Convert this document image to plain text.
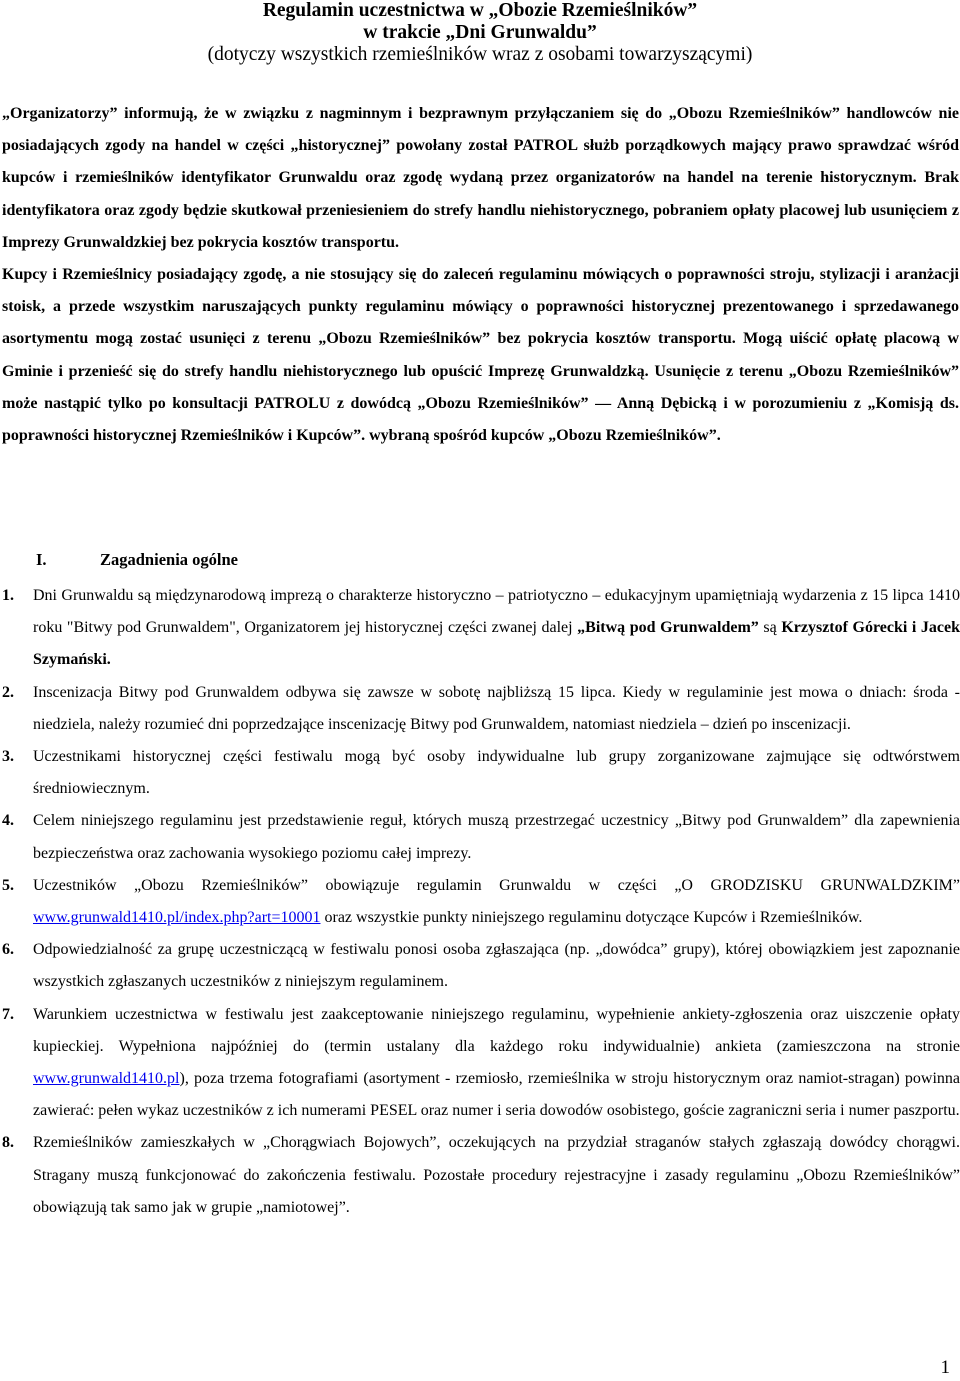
Regulamin uczestnictwa w „Obozie Rzemieślników”
w trakcie „Dni Grunwaldu”
(dotyczy wszystkich rzemieślników wraz z osobami towarzyszącymi)
„Organizatorzy” informują, że w związku z nagminnym i bezprawnym przyłączaniem się do „Obozu Rzemieślników” handlowców nie posiadających zgody na handel w części „historycznej” powołany został PATROL służb porządkowych mający prawo sprawdzać wśród kupców i rzemieślników identyfikator Grunwaldu oraz zgodę wydaną przez organizatorów na handel na terenie historycznym. Brak identyfikatora oraz zgody będzie skutkował przeniesieniem do strefy handlu niehistorycznego, pobraniem opłaty placowej lub usunięciem z Imprezy Grunwaldzkiej bez pokrycia kosztów transportu.
Kupcy i Rzemieślnicy posiadający zgodę, a nie stosujący się do zaleceń regulaminu mówiących o poprawności stroju, stylizacji i aranżacji stoisk, a przede wszystkim naruszających punkty regulaminu mówiący o poprawności historycznej prezentowanego i sprzedawanego asortymentu mogą zostać usunięci z terenu „Obozu Rzemieślników” bez pokrycia kosztów transportu. Mogą uiścić opłatę placową w Gminie i przenieść się do strefy handlu niehistorycznego lub opuścić Imprezę Grunwaldzką. Usunięcie z terenu „Obozu Rzemieślników” może nastąpić tylko po konsultacji PATROLU z dowódcą „Obozu Rzemieślników” — Anną Dębicką i w porozumieniu z „Komisją ds. poprawności historycznej Rzemieślników i Kupców”. wybraną spośród kupców „Obozu Rzemieślników”.
I.	Zagadnienia ogólne
1. Dni Grunwaldu są międzynarodową imprezą o charakterze historyczno – patriotyczno – edukacyjnym upamiętniają wydarzenia z 15 lipca 1410 roku "Bitwy pod Grunwaldem", Organizatorem jej historycznej części zwanej dalej „Bitwą pod Grunwaldem” są Krzysztof Górecki i Jacek Szymański.
2. Inscenizacja Bitwy pod Grunwaldem odbywa się zawsze w sobotę najbliższą 15 lipca. Kiedy w regulaminie jest mowa o dniach: środa - niedziela, należy rozumieć dni poprzedzające inscenizację Bitwy pod Grunwaldem, natomiast niedziela – dzień po inscenizacji.
3. Uczestnikami historycznej części festiwalu mogą być osoby indywidualne lub grupy zorganizowane zajmujące się odtwórstwem średniowiecznym.
4. Celem niniejszego regulaminu jest przedstawienie reguł, których muszą przestrzegać uczestnicy „Bitwy pod Grunwaldem” dla zapewnienia bezpieczeństwa oraz zachowania wysokiego poziomu całej imprezy.
5. Uczestników „Obozu Rzemieślników” obowiązuje regulamin Grunwaldu w części „O GRODZISKU GRUNWALDZKIM” www.grunwald1410.pl/index.php?art=10001 oraz wszystkie punkty niniejszego regulaminu dotyczące Kupców i Rzemieślników.
6. Odpowiedzialność za grupę uczestniczącą w festiwalu ponosi osoba zgłaszająca (np. „dowódca” grupy), której obowiązkiem jest zapoznanie wszystkich zgłaszanych uczestników z niniejszym regulaminem.
7. Warunkiem uczestnictwa w festiwalu jest zaakceptowanie niniejszego regulaminu, wypełnienie ankiety-zgłoszenia oraz uiszczenie opłaty kupieckiej. Wypełniona najpóźniej do (termin ustalany dla każdego roku indywidualnie) ankieta (zamieszczona na stronie www.grunwald1410.pl), poza trzema fotografiami (asortyment - rzemiosło, rzemieślnika w stroju historycznym oraz namiot-stragan) powinna zawierać: pełen wykaz uczestników z ich numerami PESEL oraz numer i seria dowodów osobistego, goście zagraniczni seria i numer paszportu.
8. Rzemieślników zamieszkałych w „Chorągwiach Bojowych”, oczekujących na przydział straganów stałych zgłaszają dowódcy chorągwi. Stragany muszą funkcjonować do zakończenia festiwalu. Pozostałe procedury rejestracyjne i zasady regulaminu „Obozu Rzemieślników” obowiązują tak samo jak w grupie „namiotowej”.
1
